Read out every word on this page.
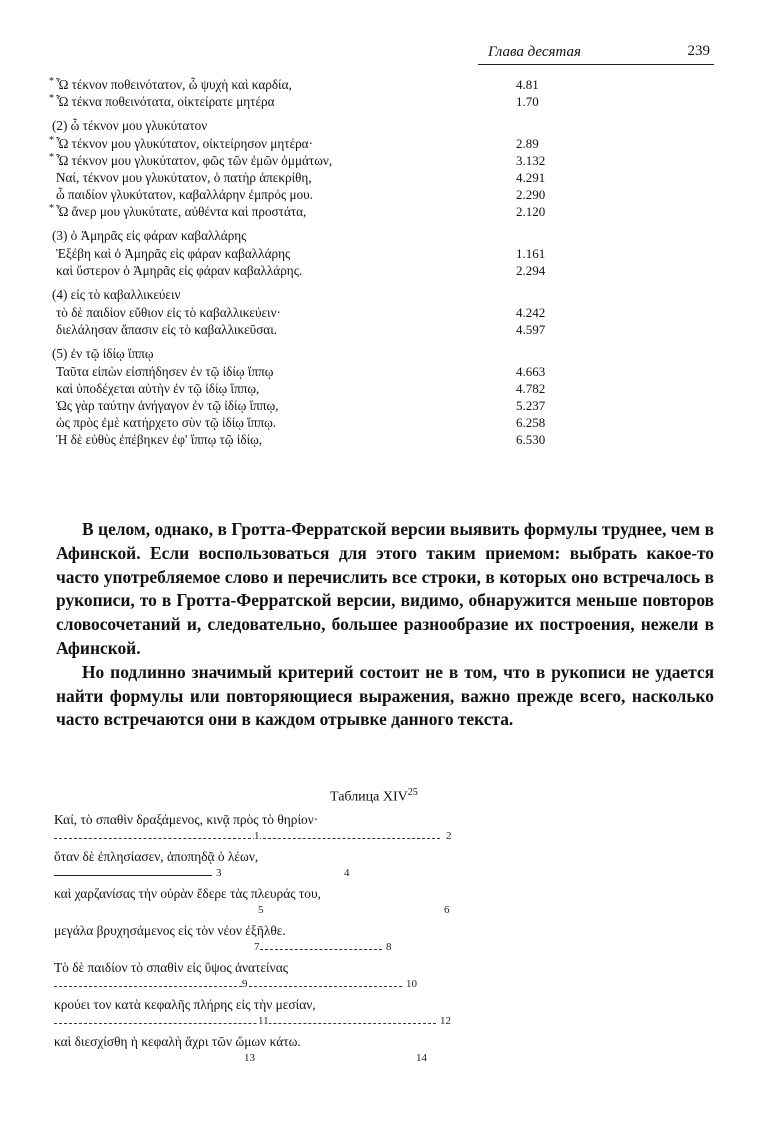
Глава десятая	239
* Ὦ τέκνον ποθεινότατον, ὦ ψυχὴ καὶ καρδία,	4.81
* Ὦ τέκνα ποθεινότατα, οἰκτείρατε μητέρα	1.70
(2) ὦ τέκνον μου γλυκύτατον
* Ὦ τέκνον μου γλυκύτατον, οἰκτείρησον μητέρα·	2.89
* Ὦ τέκνον μου γλυκύτατον, φῶς τῶν ἐμῶν ὀμμάτων,	3.132
Ναί, τέκνον μου γλυκύτατον, ὁ πατὴρ ἀπεκρίθη,	4.291
ὦ παιδίον γλυκύτατον, καβαλλάρην ἐμπρός μου.	2.290
* Ὦ ἄνερ μου γλυκύτατε, αὐθέντα καὶ προστάτα,	2.120
(3) ὁ Ἀμηρᾶς εἰς φάραν καβαλλάρης
Ἐξέβη καὶ ὁ Ἀμηρᾶς εἰς φάραν καβαλλάρης	1.161
καὶ ὕστερον ὁ Ἀμηρᾶς εἰς φάραν καβαλλάρης.	2.294
(4) εἰς τὸ καβαλλικεύειν
τὸ δὲ παιδίον εὔθιον εἰς τὸ καβαλλικεύειν·	4.242
διελάλησαν ἅπασιν εἰς τὸ καβαλλικεῦσαι.	4.597
(5) ἐν τῷ ἰδίῳ ἵππῳ
Ταῦτα εἰπὼν εἰσπήδησεν ἐν τῷ ἰδίῳ ἵππῳ	4.663
καὶ ὑποδέχεται αὐτὴν ἐν τῷ ἰδίῳ ἵππῳ,	4.782
Ὡς γὰρ ταύτην ἀνήγαγον ἐν τῷ ἰδίῳ ἵππῳ,	5.237
ὡς πρὸς ἐμὲ κατήρχετο σὺν τῷ ἰδίῳ ἵππῳ.	6.258
Ἡ δὲ εὐθὺς ἐπέβηκεν ἐφ' ἵππῳ τῷ ἰδίῳ,	6.530

В целом, однако, в Гротта-Ферратской версии выявить формулы труднее, чем в Афинской. Если воспользоваться для этого таким приемом: выбрать какое-то часто употребляемое слово и перечислить все строки, в которых оно встречалось в рукописи, то в Гротта-Ферратской версии, видимо, обнаружится меньше повторов словосочетаний и, следовательно, большее разнообразие их построения, нежели в Афинской.

Но подлинно значимый критерий состоит не в том, что в рукописи не удается найти формулы или повторяющиеся выражения, важно прежде всего, насколько часто встречаются они в каждом отрывке данного текста.

Таблица XIV$^{25}$
Καί, τὸ σπαθὶν δραξάμενος, κινᾷ πρὸς τὸ θηρίον·
1	2
ὅταν δὲ ἐπλησίασεν, ἀποπηδᾷ ὁ λέων,
3	4
καὶ χαρζανίσας τὴν οὐρὰν ἔδερε τὰς πλευράς του,
5	6
μεγάλα βρυχησάμενος εἰς τὸν νέον ἐξῆλθε.
7	8
Τὸ δὲ παιδίον τὸ σπαθὶν εἰς ὕψος ἀνατείνας
9	10
κρούει τον κατὰ κεφαλῆς πλήρης εἰς τὴν μεσίαν,
11	12
καὶ διεσχίσθη ἡ κεφαλὴ ἄχρι τῶν ὤμων κάτω.
13	14
